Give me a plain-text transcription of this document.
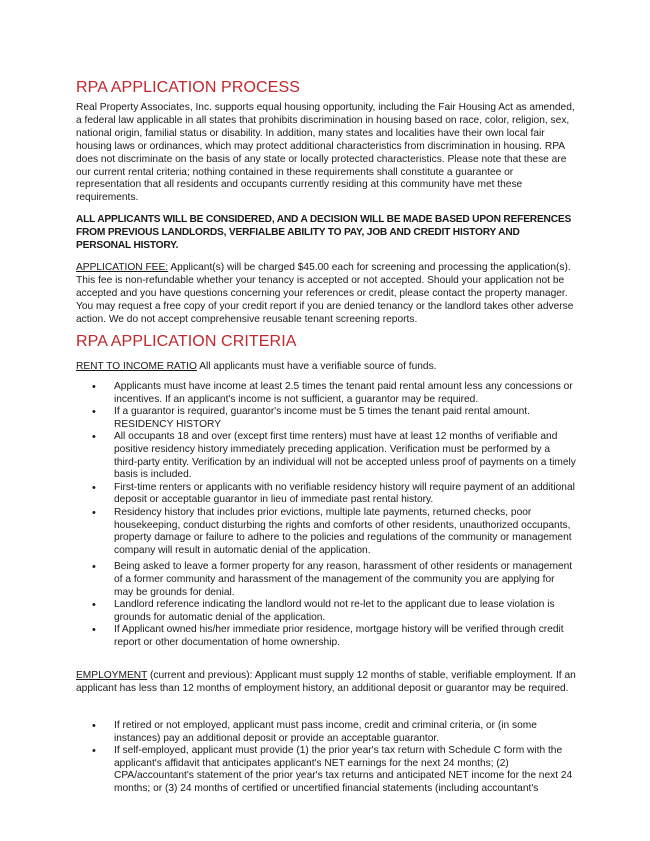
RPA APPLICATION PROCESS

Real Property Associates, Inc. supports equal housing opportunity, including the Fair Housing Act as amended, a federal law applicable in all states that prohibits discrimination in housing based on race, color, religion, sex, national origin, familial status or disability. In addition, many states and localities have their own local fair housing laws or ordinances, which may protect additional characteristics from discrimination in housing. RPA does not discriminate on the basis of any state or locally protected characteristics. Please note that these are our current rental criteria; nothing contained in these requirements shall constitute a guarantee or representation that all residents and occupants currently residing at this community have met these requirements.

ALL APPLICANTS WILL BE CONSIDERED, AND A DECISION WILL BE MADE BASED UPON REFERENCES FROM PREVIOUS LANDLORDS, VERFIALBE ABILITY TO PAY, JOB AND CREDIT HISTORY AND PERSONAL HISTORY.

APPLICATION FEE: Applicant(s) will be charged $45.00 each for screening and processing the application(s). This fee is non-refundable whether your tenancy is accepted or not accepted. Should your application not be accepted and you have questions concerning your references or credit, please contact the property manager. You may request a free copy of your credit report if you are denied tenancy or the landlord takes other adverse action. We do not accept comprehensive reusable tenant screening reports.

RPA APPLICATION CRITERIA

RENT TO INCOME RATIO All applicants must have a verifiable source of funds.

• Applicants must have income at least 2.5 times the tenant paid rental amount less any concessions or incentives. If an applicant's income is not sufficient, a guarantor may be required.
• If a guarantor is required, guarantor's income must be 5 times the tenant paid rental amount.
RESIDENCY HISTORY
• All occupants 18 and over (except first time renters) must have at least 12 months of verifiable and positive residency history immediately preceding application. Verification must be performed by a third-party entity. Verification by an individual will not be accepted unless proof of payments on a timely basis is included.
• First-time renters or applicants with no verifiable residency history will require payment of an additional deposit or acceptable guarantor in lieu of immediate past rental history.
• Residency history that includes prior evictions, multiple late payments, returned checks, poor housekeeping, conduct disturbing the rights and comforts of other residents, unauthorized occupants, property damage or failure to adhere to the policies and regulations of the community or management company will result in automatic denial of the application.
• Being asked to leave a former property for any reason, harassment of other residents or management of a former community and harassment of the management of the community you are applying for may be grounds for denial.
• Landlord reference indicating the landlord would not re-let to the applicant due to lease violation is grounds for automatic denial of the application.
• If Applicant owned his/her immediate prior residence, mortgage history will be verified through credit report or other documentation of home ownership.

EMPLOYMENT (current and previous): Applicant must supply 12 months of stable, verifiable employment. If an applicant has less than 12 months of employment history, an additional deposit or guarantor may be required.

• If retired or not employed, applicant must pass income, credit and criminal criteria, or (in some instances) pay an additional deposit or provide an acceptable guarantor.
• If self-employed, applicant must provide (1) the prior year's tax return with Schedule C form with the applicant's affidavit that anticipates applicant's NET earnings for the next 24 months; (2) CPA/accountant's statement of the prior year's tax returns and anticipated NET income for the next 24 months; or (3) 24 months of certified or uncertified financial statements (including accountant's
